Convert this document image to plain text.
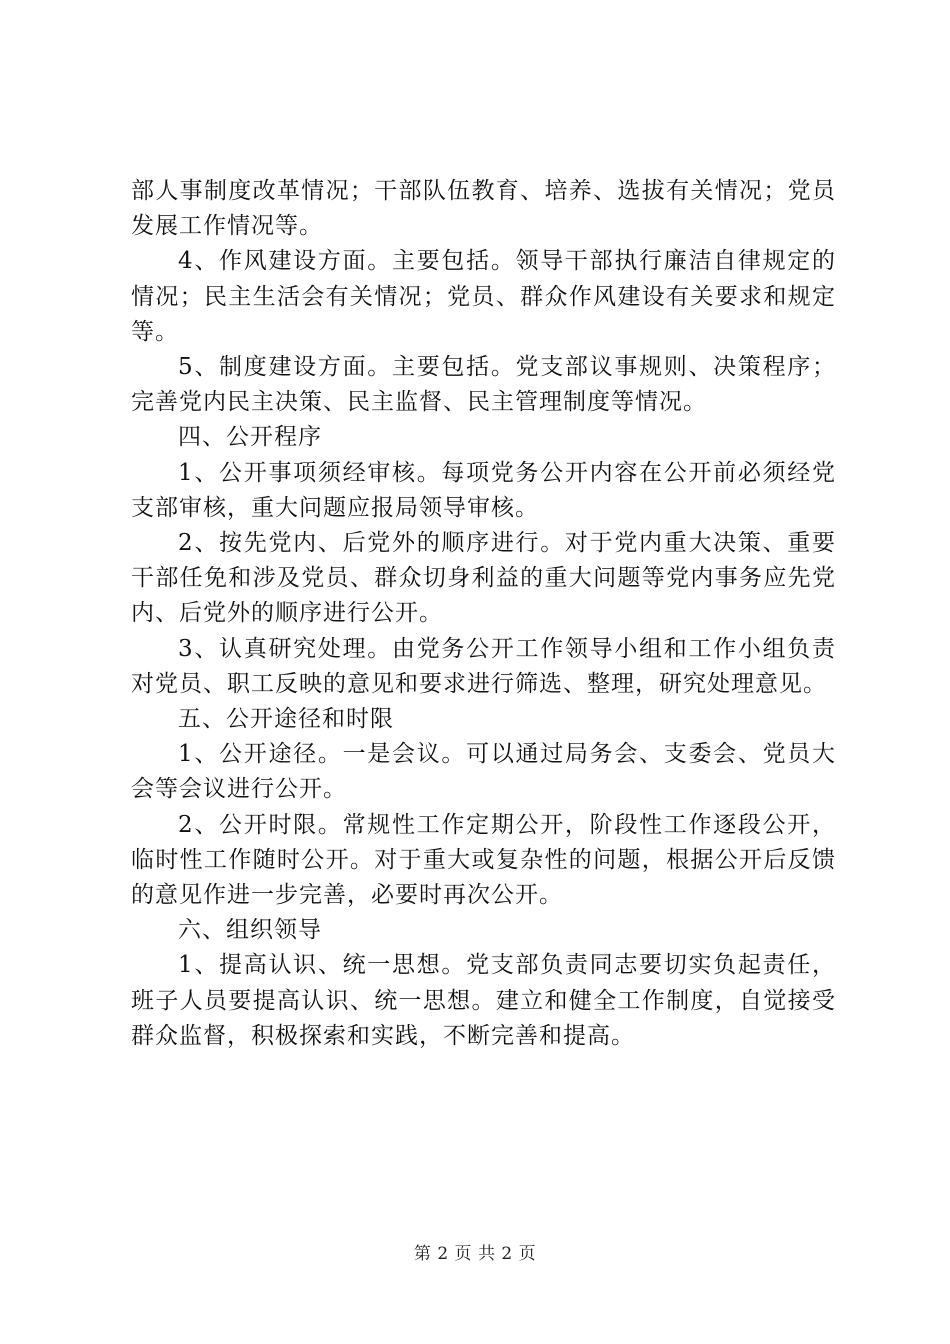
部人事制度改革情况；干部队伍教育、培养、选拔有关情况；党员发展工作情况等。

4、作风建设方面。主要包括。领导干部执行廉洁自律规定的情况；民主生活会有关情况；党员、群众作风建设有关要求和规定等。

5、制度建设方面。主要包括。党支部议事规则、决策程序；完善党内民主决策、民主监督、民主管理制度等情况。

四、公开程序

1、公开事项须经审核。每项党务公开内容在公开前必须经党支部审核，重大问题应报局领导审核。

2、按先党内、后党外的顺序进行。对于党内重大决策、重要干部任免和涉及党员、群众切身利益的重大问题等党内事务应先党内、后党外的顺序进行公开。

3、认真研究处理。由党务公开工作领导小组和工作小组负责对党员、职工反映的意见和要求进行筛选、整理，研究处理意见。

五、公开途径和时限

1、公开途径。一是会议。可以通过局务会、支委会、党员大会等会议进行公开。

2、公开时限。常规性工作定期公开，阶段性工作逐段公开，临时性工作随时公开。对于重大或复杂性的问题，根据公开后反馈的意见作进一步完善，必要时再次公开。

六、组织领导

1、提高认识、统一思想。党支部负责同志要切实负起责任，班子人员要提高认识、统一思想。建立和健全工作制度，自觉接受群众监督，积极探索和实践，不断完善和提高。

第 2 页 共 2 页
